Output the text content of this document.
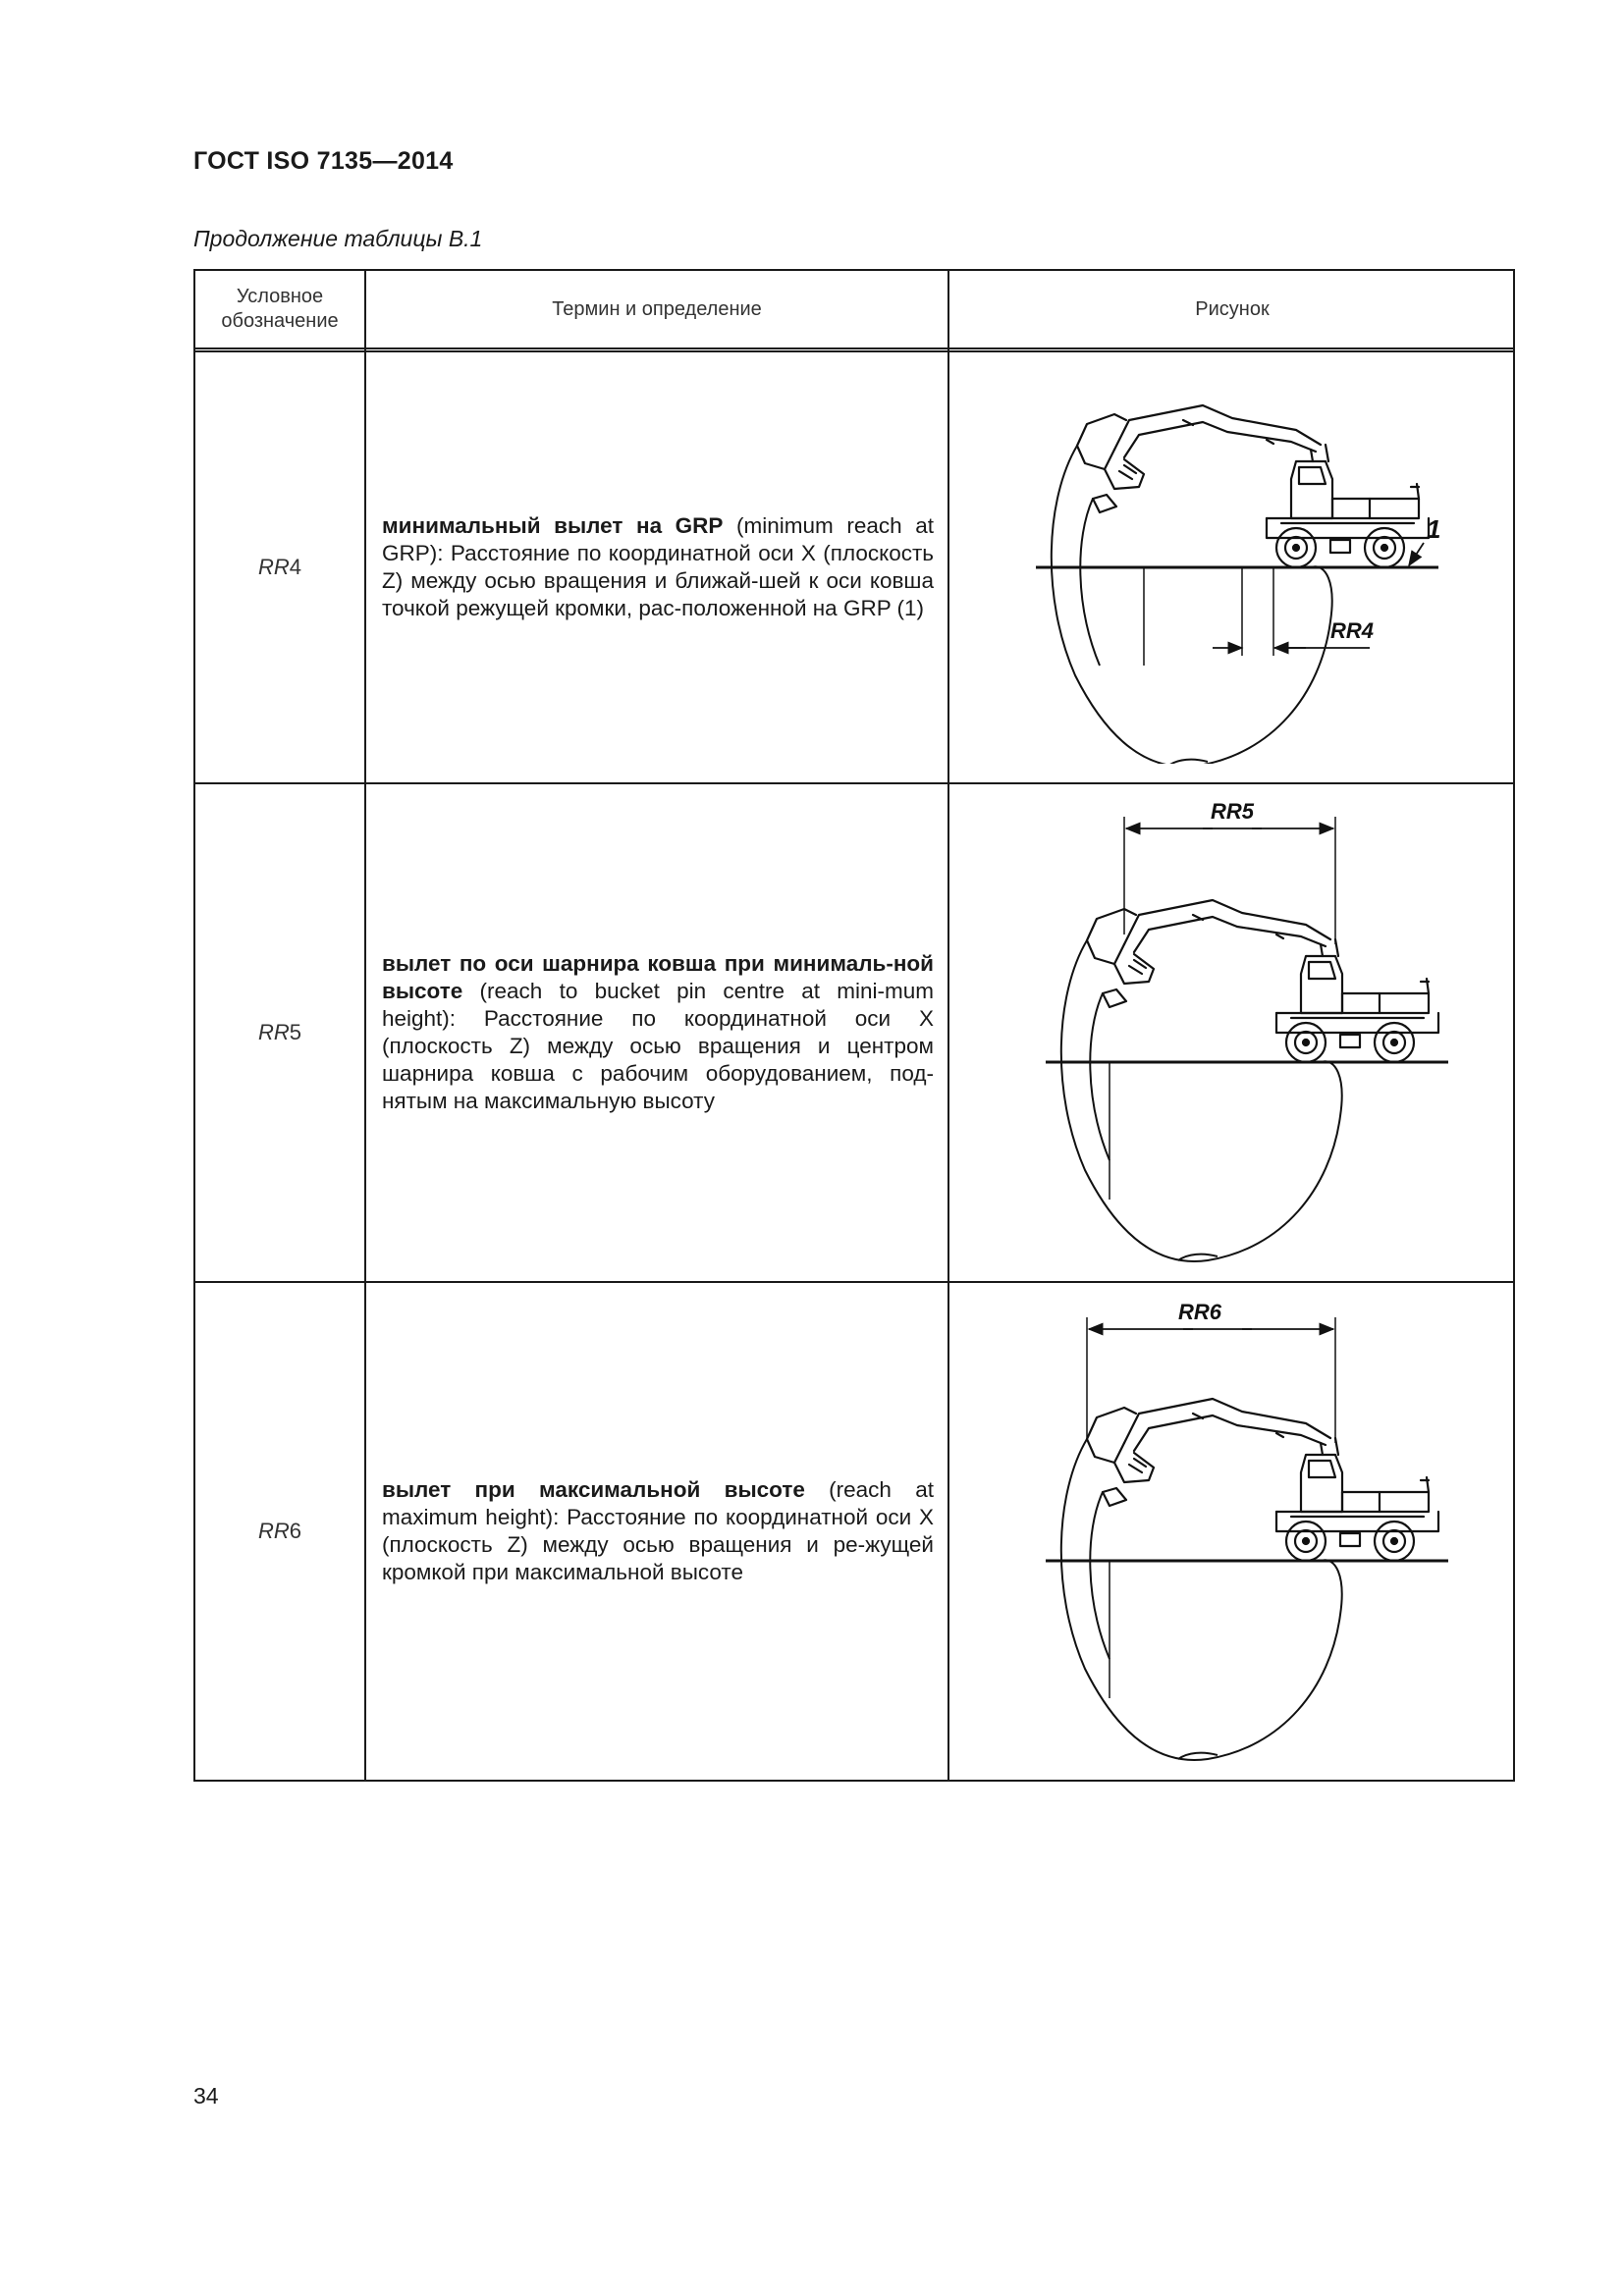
ГОСТ ISO 7135—2014
Продолжение таблицы В.1
Условное обозначение
Термин и определение	Рисунок
RR 4

минимальный вылет на GRP (minimum reach at GRP): Расстояние по координатной оси X (плоскость Z) между осью вращения и ближай-шей к оси ковша точкой режущей кромки, рас-положенной на GRP (1)

RR4
1
RR 5

вылет по оси шарнира ковша при минималь-ной высоте (reach to bucket pin centre at mini-mum height): Расстояние по координатной оси X (плоскость Z) между осью вращения и центром шарнира ковша с рабочим оборудованием, под-нятым на максимальную высоту

RR5
RR 6

вылет при максимальной высоте (reach at maximum height): Расстояние по координатной оси X (плоскость Z) между осью вращения и ре-жущей кромкой при максимальной высоте

RR6
34
